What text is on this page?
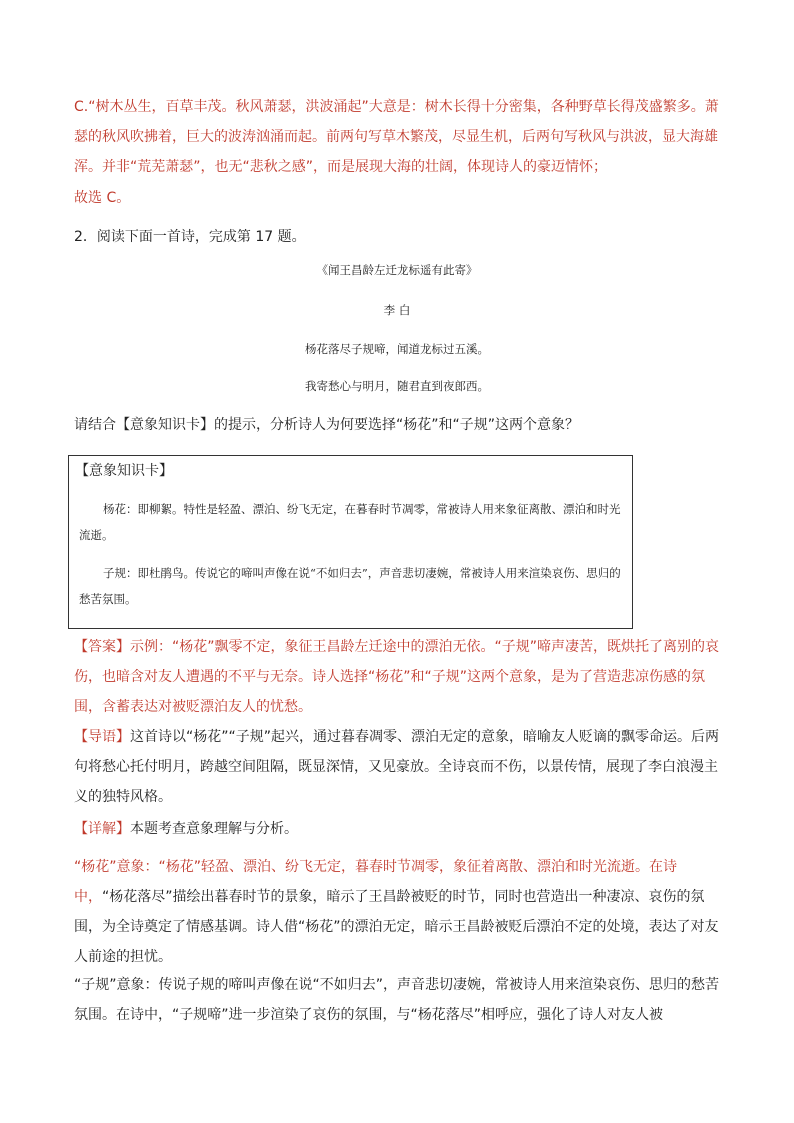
C.“树木丛生，百草丰茂。秋风萧瑟，洪波涌起”大意是：树木长得十分密集，各种野草长得茂盛繁多。萧瑟的秋风吹拂着，巨大的波涛汹涌而起。前两句写草木繁茂，尽显生机，后两句写秋风与洪波，显大海雄浑。并非“荒芜萧瑟”，也无“悲秋之感”，而是展现大海的壮阔，体现诗人的豪迈情怀；
故选 C。
2．阅读下面一首诗，完成第 17 题。
《闻王昌龄左迁龙标遥有此寄》
李 白
杨花落尽子规啼，闻道龙标过五溪。
我寄愁心与明月，随君直到夜郎西。
请结合【意象知识卡】的提示，分析诗人为何要选择“杨花”和“子规”这两个意象？
【意象知识卡】
杨花：即柳絮。特性是轻盈、漂泊、纷飞无定，在暮春时节凋零，常被诗人用来象征离散、漂泊和时光流逝。
子规：即杜鹃鸟。传说它的啼叫声像在说“不如归去”，声音悲切凄婉，常被诗人用来渲染哀伤、思归的愁苦氛围。
【答案】示例：“杨花”飘零不定，象征王昌龄左迁途中的漂泊无依。“子规”啼声凄苦，既烘托了离别的哀伤，也暗含对友人遭遇的不平与无奈。诗人选择“杨花”和“子规”这两个意象，是为了营造悲凉伤感的氛围，含蓄表达对被贬漂泊友人的忧愁。
【导语】这首诗以“杨花”“子规”起兴，通过暮春凋零、漂泊无定的意象，暗喻友人贬谪的飘零命运。后两句将愁心托付明月，跨越空间阻隔，既显深情，又见豪放。全诗哀而不伤，以景传情，展现了李白浪漫主义的独特风格。
【详解】本题考查意象理解与分析。
“杨花”意象：“杨花”轻盈、漂泊、纷飞无定，暮春时节凋零，象征着离散、漂泊和时光流逝。在诗中，“杨花落尽”描绘出暮春时节的景象，暗示了王昌龄被贬的时节，同时也营造出一种凄凉、哀伤的氛围，为全诗奠定了情感基调。诗人借“杨花”的漂泊无定，暗示王昌龄被贬后漂泊不定的处境，表达了对友人前途的担忧。
“子规”意象：传说子规的啼叫声像在说“不如归去”，声音悲切凄婉，常被诗人用来渲染哀伤、思归的愁苦氛围。在诗中，“子规啼”进一步渲染了哀伤的氛围，与“杨花落尽”相呼应，强化了诗人对友人被
